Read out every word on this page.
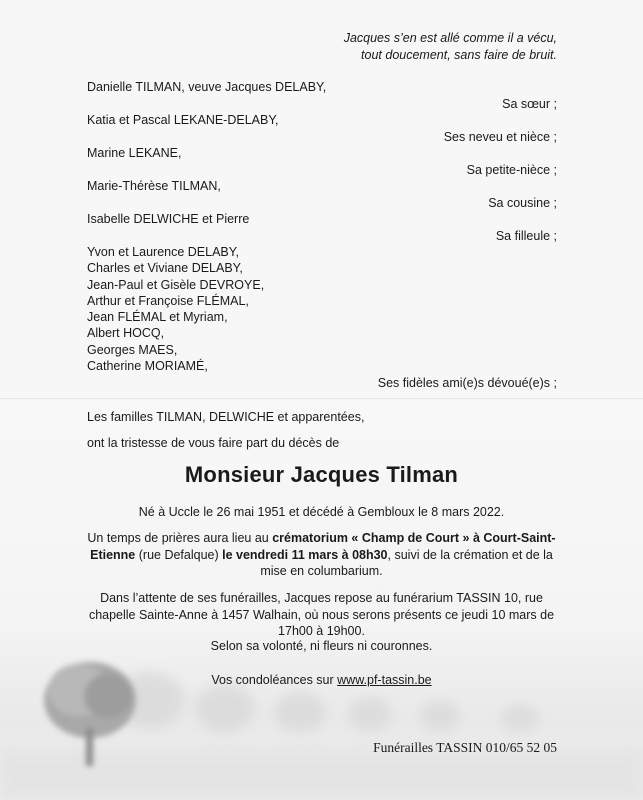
Jacques s’en est allé comme il a vécu,
tout doucement, sans faire de bruit.
Danielle TILMAN, veuve Jacques DELABY,
Sa sœur ;
Katia et Pascal LEKANE-DELABY,
Ses neveu et nièce ;
Marine LEKANE,
Sa petite-nièce ;
Marie-Thérèse TILMAN,
Sa cousine ;
Isabelle DELWICHE et Pierre
Sa filleule ;
Yvon et Laurence DELABY,
Charles et Viviane DELABY,
Jean-Paul et Gisèle DEVROYE,
Arthur et Françoise FLÉMAL,
Jean FLÉMAL et Myriam,
Albert HOCQ,
Georges MAES,
Catherine MORIAMÉ,
Ses fidèles ami(e)s dévoué(e)s ;
Les familles TILMAN, DELWICHE et apparentées,
ont la tristesse de vous faire part du décès de
Monsieur Jacques Tilman
Né à Uccle le 26 mai 1951 et décédé à Gembloux le 8 mars 2022.
Un temps de prières aura lieu au crématorium « Champ de Court » à Court-Saint-Etienne (rue Defalque) le vendredi 11 mars à 08h30, suivi de la crémation et de la mise en columbarium.
Dans l’attente de ses funérailles, Jacques repose au funérarium TASSIN 10, rue chapelle Sainte-Anne à 1457 Walhain, où nous serons présents ce jeudi 10 mars de 17h00 à 19h00.
Selon sa volonté, ni fleurs ni couronnes.
Vos condoléances sur www.pf-tassin.be
Funérailles TASSIN 010/65 52 05
